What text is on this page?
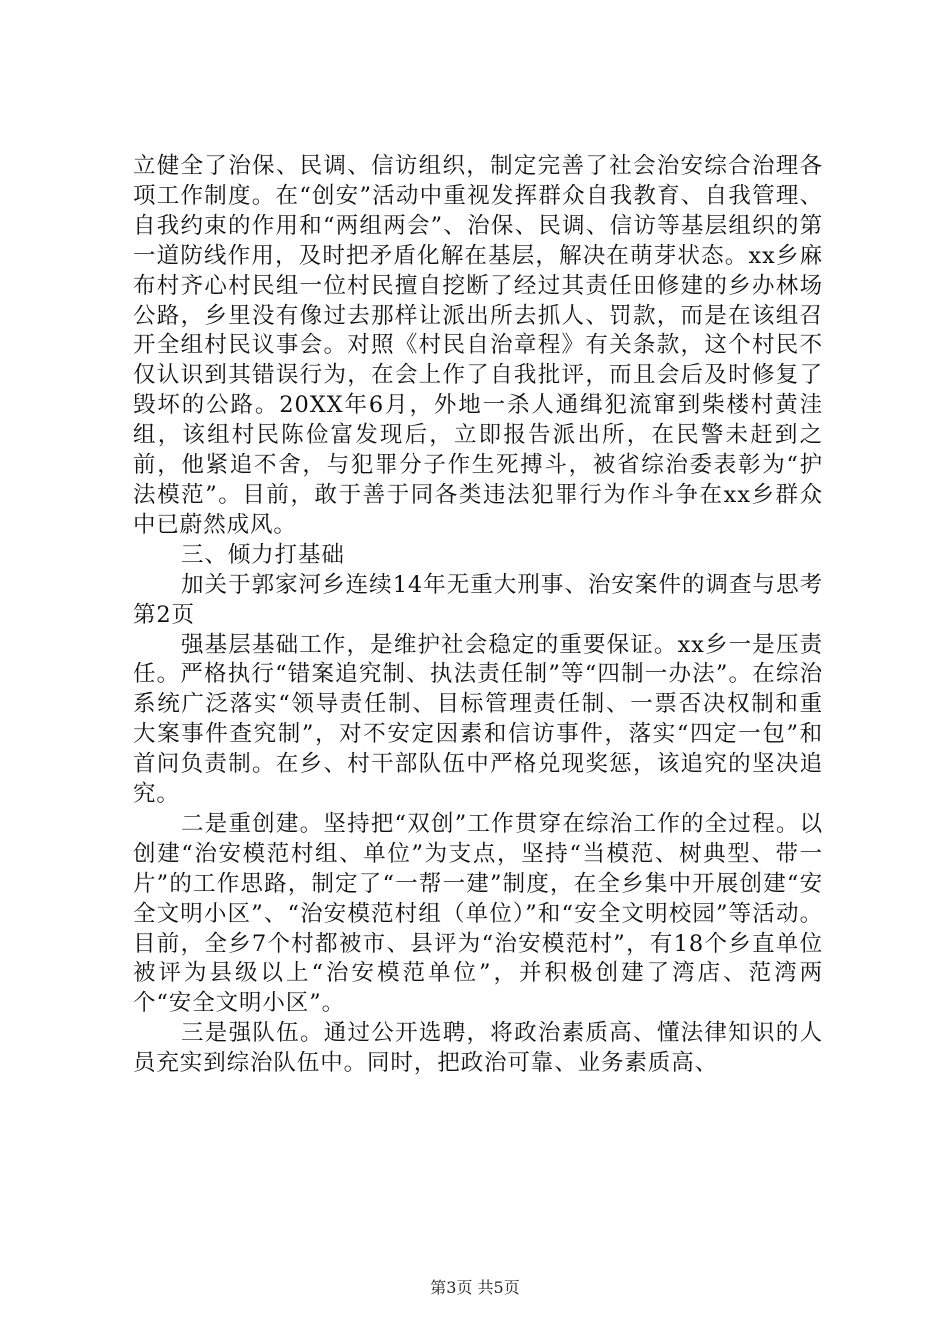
立健全了治保、民调、信访组织，制定完善了社会治安综合治理各项工作制度。在“创安”活动中重视发挥群众自我教育、自我管理、自我约束的作用和“两组两会”、治保、民调、信访等基层组织的第一道防线作用，及时把矛盾化解在基层，解决在萌芽状态。xx乡麻布村齐心村民组一位村民擅自挖断了经过其责任田修建的乡办林场公路，乡里没有像过去那样让派出所去抓人、罚款，而是在该组召开全组村民议事会。对照《村民自治章程》有关条款，这个村民不仅认识到其错误行为，在会上作了自我批评，而且会后及时修复了毁坏的公路。20XX年6月，外地一杀人通缉犯流窜到柴楼村黄洼组，该组村民陈俭富发现后，立即报告派出所，在民警未赶到之前，他紧追不舍，与犯罪分子作生死搏斗，被省综治委表彰为“护法模范”。目前，敢于善于同各类违法犯罪行为作斗争在xx乡群众中已蔚然成风。

三、倾力打基础

加关于郭家河乡连续14年无重大刑事、治安案件的调查与思考第2页

强基层基础工作，是维护社会稳定的重要保证。xx乡一是压责任。严格执行“错案追究制、执法责任制”等“四制一办法”。在综治系统广泛落实“领导责任制、目标管理责任制、一票否决权制和重大案事件查究制”，对不安定因素和信访事件，落实“四定一包”和首问负责制。在乡、村干部队伍中严格兑现奖惩，该追究的坚决追究。

二是重创建。坚持把“双创”工作贯穿在综治工作的全过程。以创建“治安模范村组、单位”为支点，坚持“当模范、树典型、带一片”的工作思路，制定了“一帮一建”制度，在全乡集中开展创建“安全文明小区”、“治安模范村组（单位）”和“安全文明校园”等活动。目前，全乡7个村都被市、县评为“治安模范村”，有18个乡直单位被评为县级以上“治安模范单位”，并积极创建了湾店、范湾两个“安全文明小区”。

三是强队伍。通过公开选聘，将政治素质高、懂法律知识的人员充实到综治队伍中。同时，把政治可靠、业务素质高、

第3页 共5页
